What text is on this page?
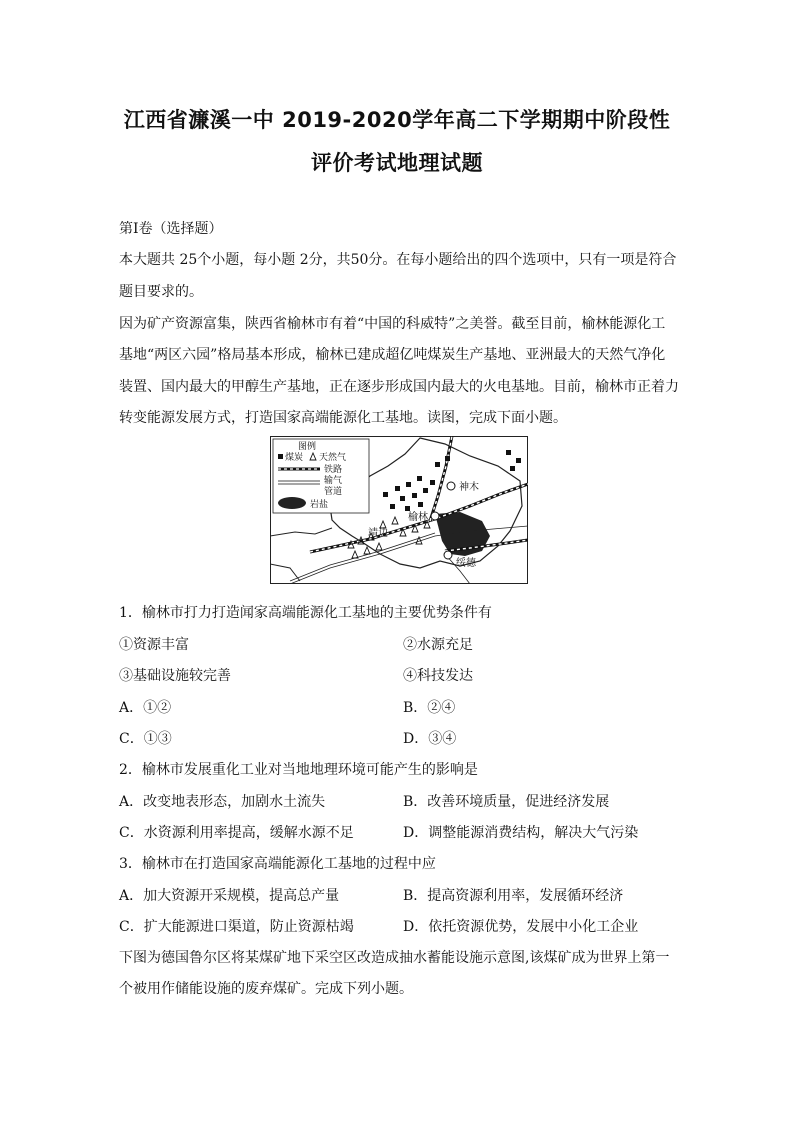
江西省濂溪一中 2019-2020学年高二下学期期中阶段性
评价考试地理试题
第Ⅰ卷（选择题）
本大题共 25个小题，每小题 2分，共50分。在每小题给出的四个选项中，只有一项是符合
题目要求的。
因为矿产资源富集，陕西省榆林市有着“中国的科威特”之美誉。截至目前，榆林能源化工
基地“两区六园”格局基本形成，榆林已建成超亿吨煤炭生产基地、亚洲最大的天然气净化
装置、国内最大的甲醇生产基地，正在逐步形成国内最大的火电基地。目前，榆林市正着力
转变能源发展方式，打造国家高端能源化工基地。读图，完成下面小题。
神木
榆林
靖边
绥德
图例
煤炭 天然气
铁路
输气
管道
岩盐
1．榆林市打力打造闻家高端能源化工基地的主要优势条件有
①资源丰富	②水源充足
③基础设施较完善	④科技发达
A．①②	B．②④
C．①③	D．③④
2．榆林市发展重化工业对当地地理环境可能产生的影响是
A．改变地表形态，加剧水土流失	B．改善环境质量，促进经济发展
C．水资源利用率提高，缓解水源不足	D．调整能源消费结构，解决大气污染
3．榆林市在打造国家高端能源化工基地的过程中应
A．加大资源开采规模，提高总产量	B．提高资源利用率，发展循环经济
C．扩大能源进口渠道，防止资源枯竭	D．依托资源优势，发展中小化工企业
下图为德国鲁尔区将某煤矿地下采空区改造成抽水蓄能设施示意图,该煤矿成为世界上第一
个被用作储能设施的废弃煤矿。完成下列小题。
